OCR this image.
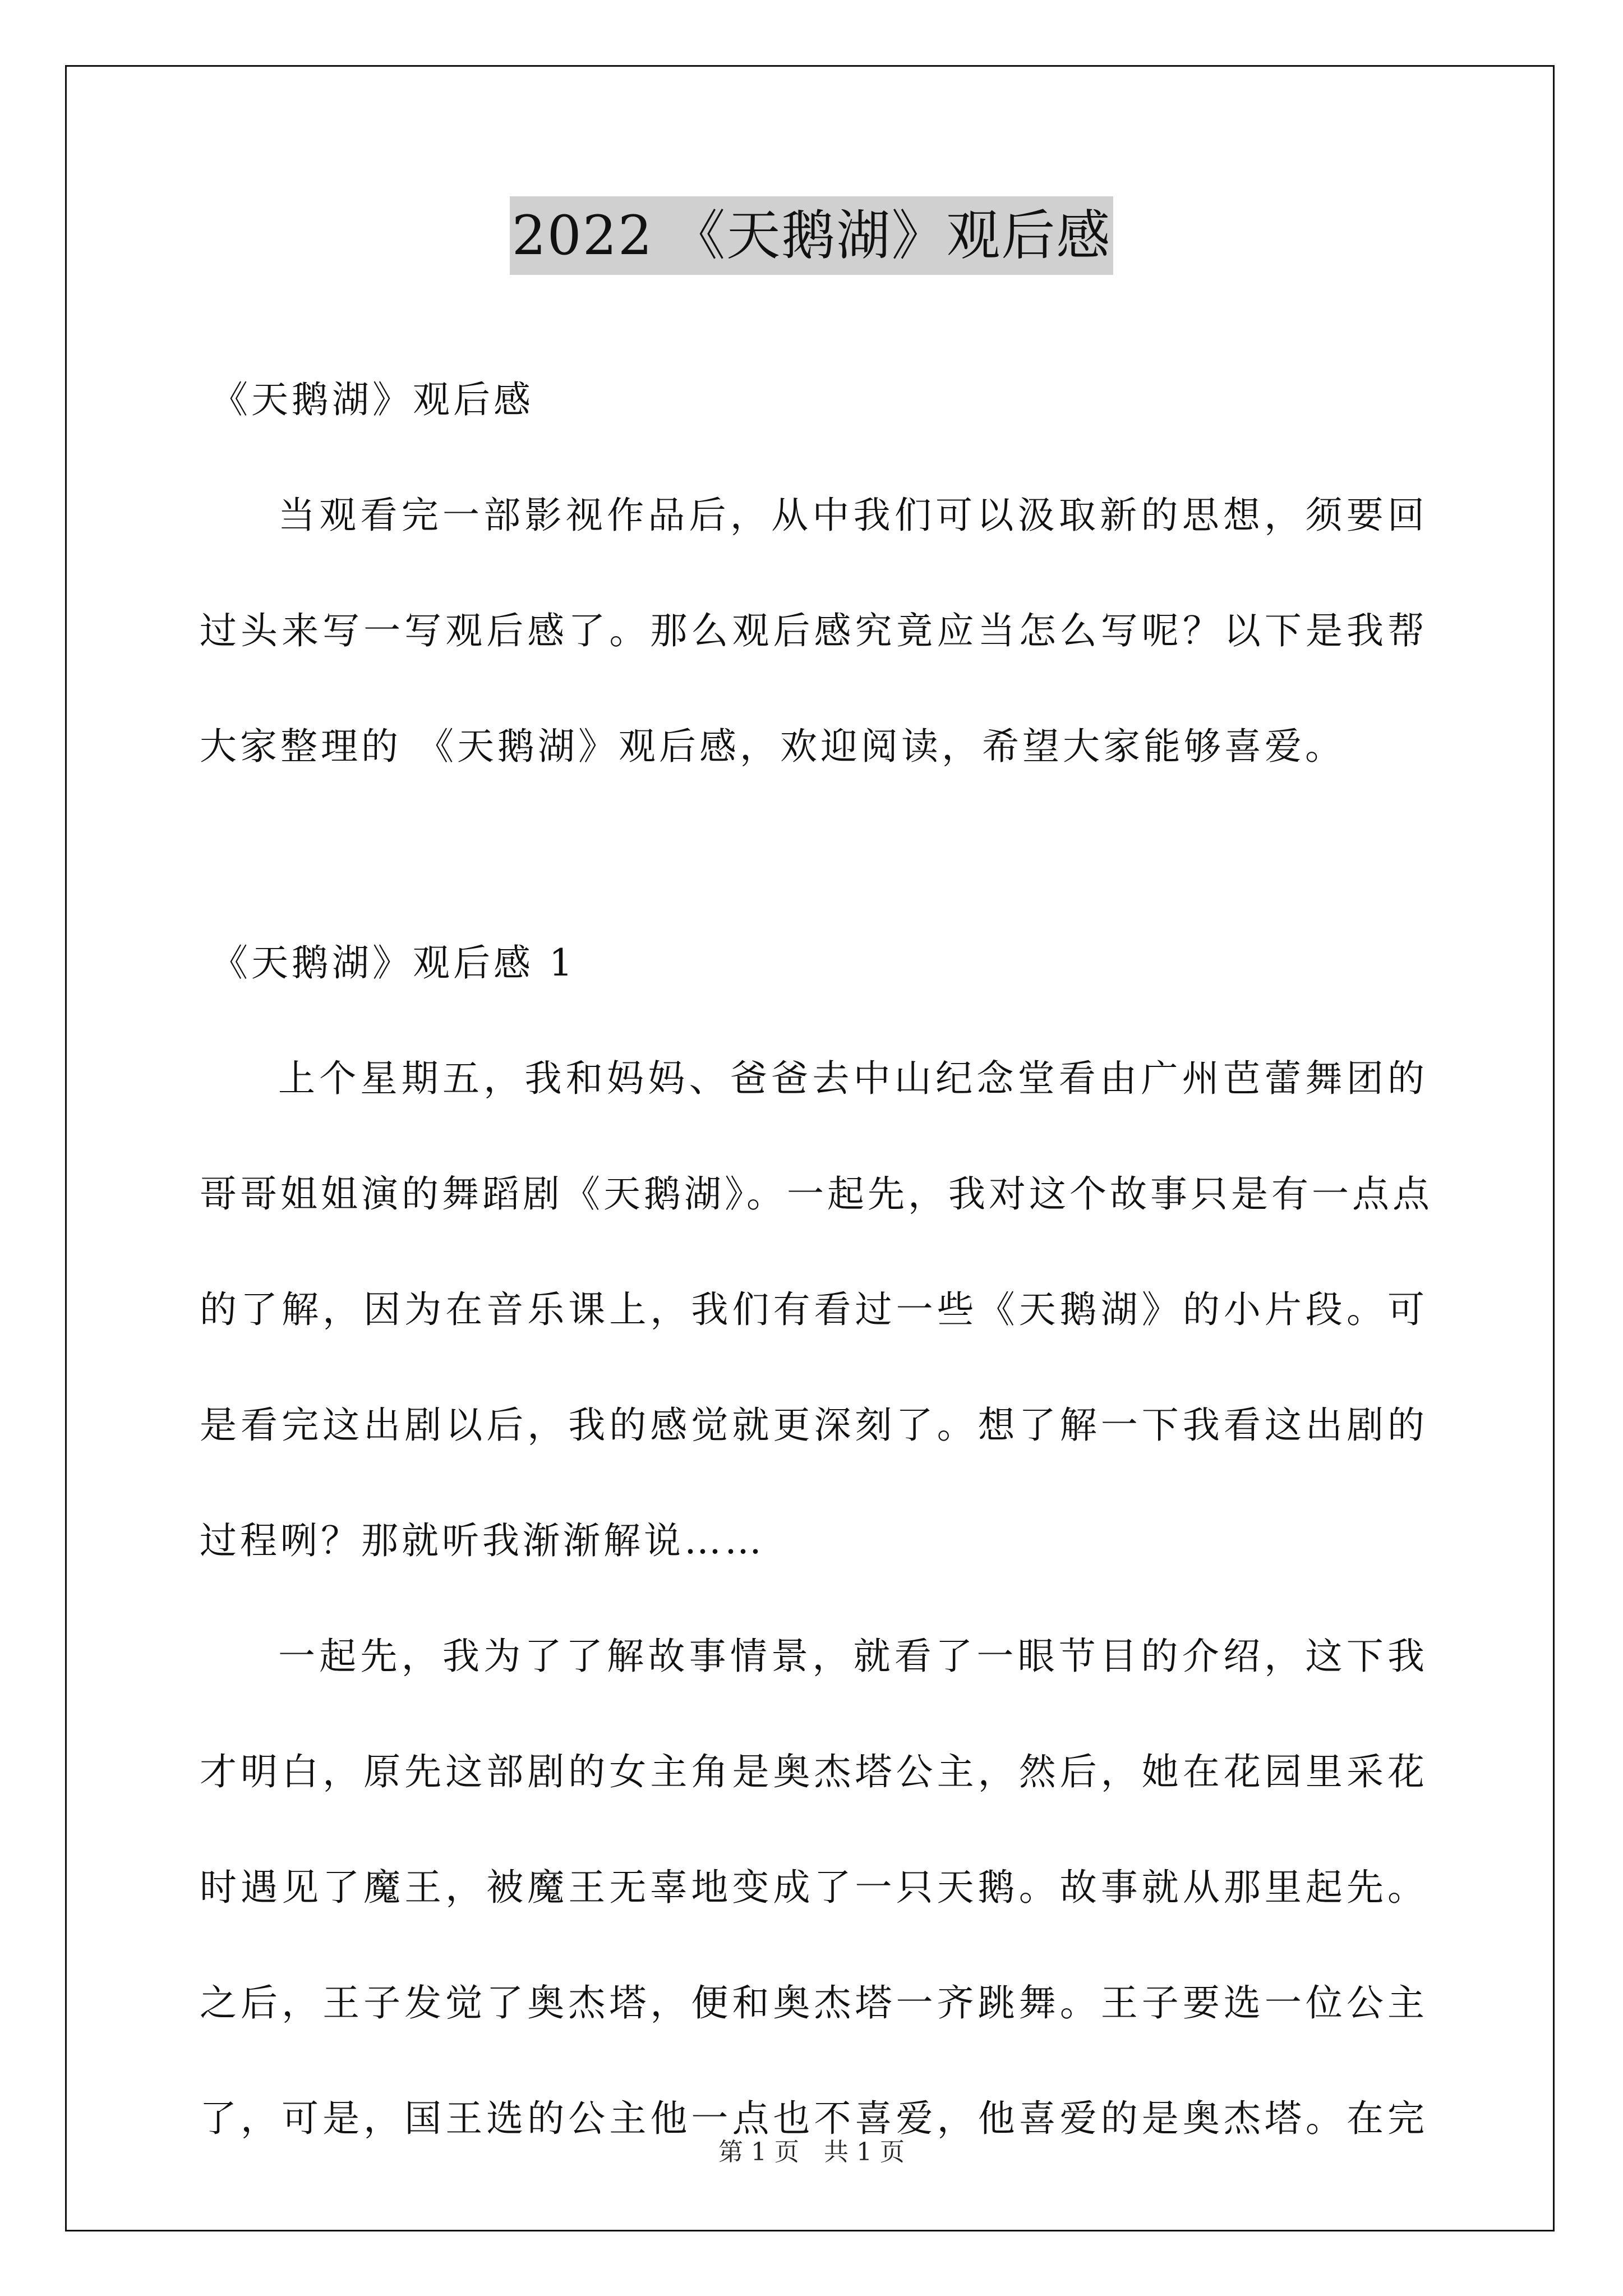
2022 《天鹅湖》观后感
《天鹅湖》观后感
当观看完一部影视作品后，从中我们可以汲取新的思想，须要回
过头来写一写观后感了。那么观后感究竟应当怎么写呢？以下是我帮
大家整理的 《天鹅湖》观后感，欢迎阅读，希望大家能够喜爱。
《天鹅湖》观后感 1
上个星期五，我和妈妈、爸爸去中山纪念堂看由广州芭蕾舞团的
哥哥姐姐演的舞蹈剧《天鹅湖》。一起先，我对这个故事只是有一点点
的了解，因为在音乐课上，我们有看过一些《天鹅湖》的小片段。可
是看完这出剧以后，我的感觉就更深刻了。想了解一下我看这出剧的
过程咧？那就听我渐渐解说……
一起先，我为了了解故事情景，就看了一眼节目的介绍，这下我
才明白，原先这部剧的女主角是奥杰塔公主，然后，她在花园里采花
时遇见了魔王，被魔王无辜地变成了一只天鹅。故事就从那里起先。
之后，王子发觉了奥杰塔，便和奥杰塔一齐跳舞。王子要选一位公主
了，可是，国王选的公主他一点也不喜爱，他喜爱的是奥杰塔。在完
第 1 页　共 1 页
